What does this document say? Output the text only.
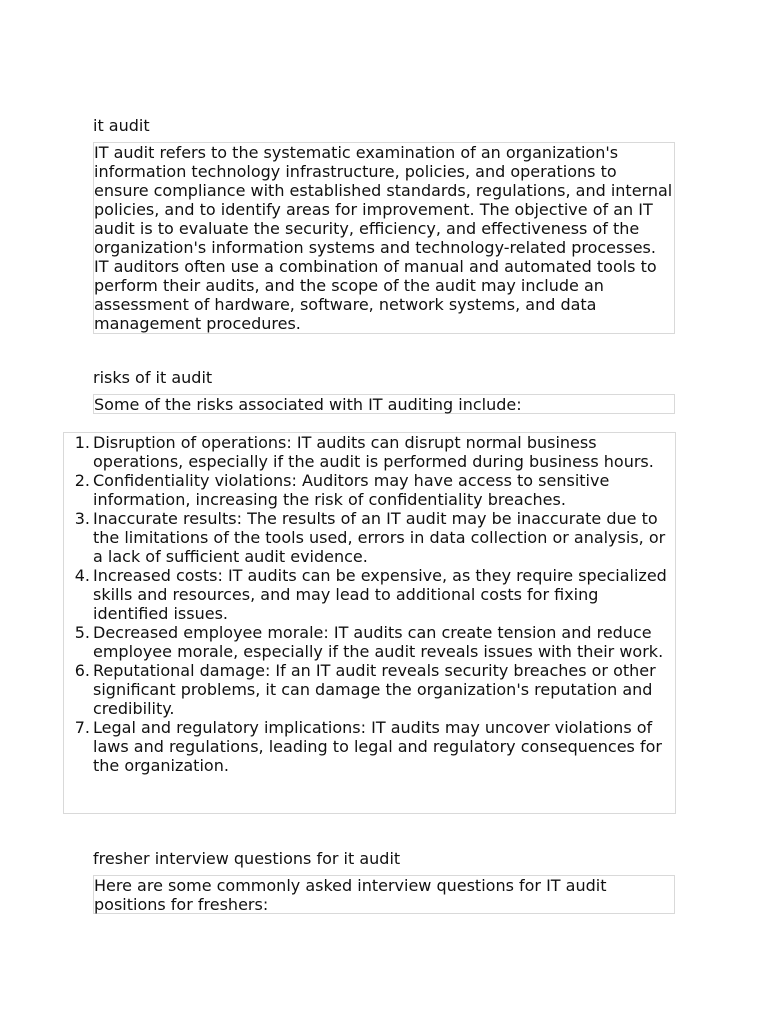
it audit

IT audit refers to the systematic examination of an organization's information technology infrastructure, policies, and operations to ensure compliance with established standards, regulations, and internal policies, and to identify areas for improvement. The objective of an IT audit is to evaluate the security, efficiency, and effectiveness of the organization's information systems and technology-related processes. IT auditors often use a combination of manual and automated tools to perform their audits, and the scope of the audit may include an assessment of hardware, software, network systems, and data management procedures.

risks of it audit

Some of the risks associated with IT auditing include:

Disruption of operations: IT audits can disrupt normal business operations, especially if the audit is performed during business hours.
Confidentiality violations: Auditors may have access to sensitive information, increasing the risk of confidentiality breaches.
Inaccurate results: The results of an IT audit may be inaccurate due to the limitations of the tools used, errors in data collection or analysis, or a lack of sufficient audit evidence.
Increased costs: IT audits can be expensive, as they require specialized skills and resources, and may lead to additional costs for fixing identified issues.
Decreased employee morale: IT audits can create tension and reduce employee morale, especially if the audit reveals issues with their work.
Reputational damage: If an IT audit reveals security breaches or other significant problems, it can damage the organization's reputation and credibility.
Legal and regulatory implications: IT audits may uncover violations of laws and regulations, leading to legal and regulatory consequences for the organization.
fresher interview questions for it audit

Here are some commonly asked interview questions for IT audit positions for freshers:
